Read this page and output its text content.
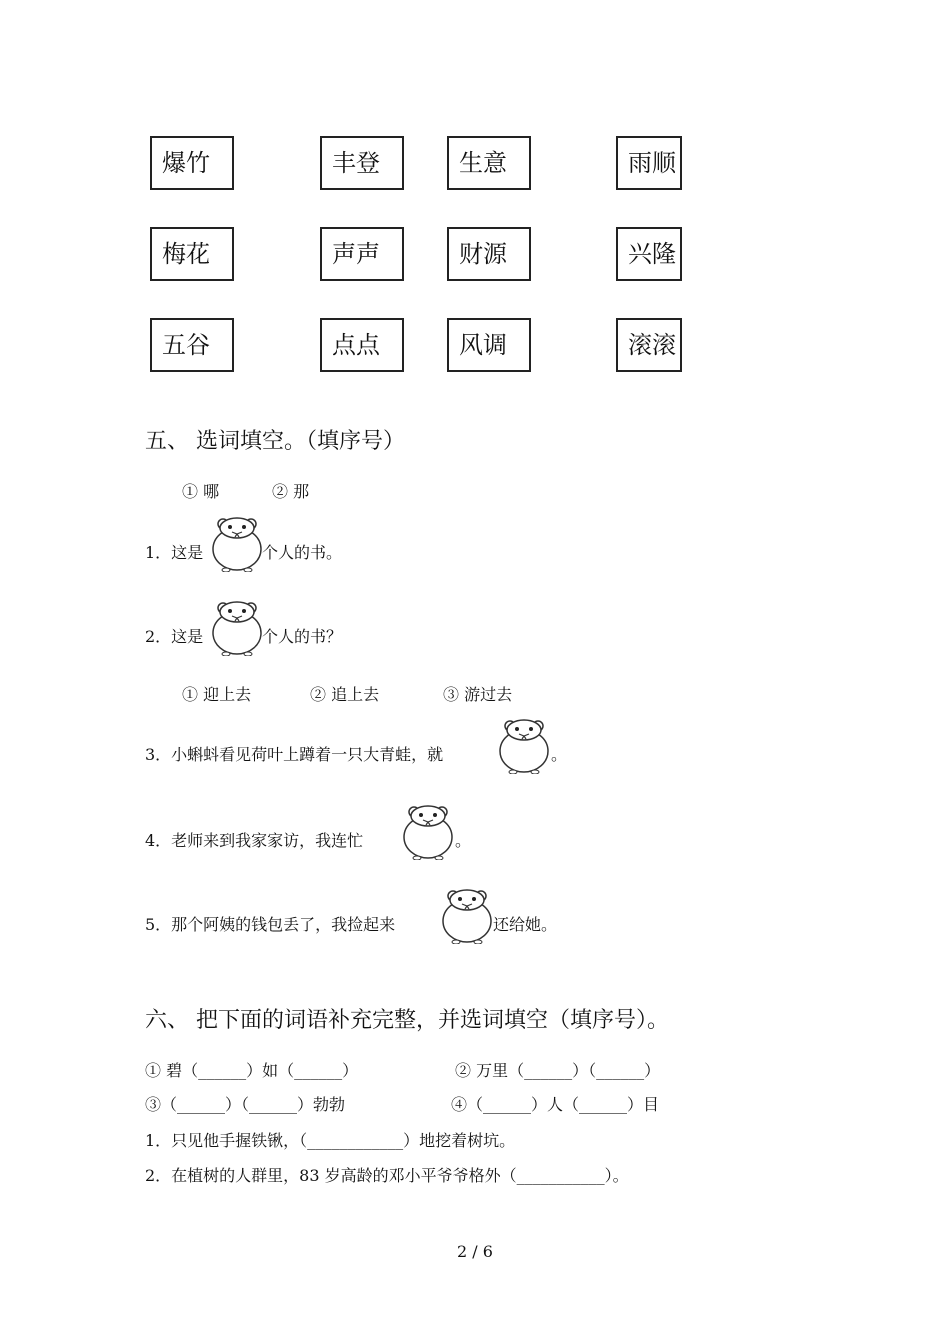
爆竹	丰登	生意	雨顺
梅花	声声	财源	兴隆
五谷	点点	风调	滚滚
五、 选词填空。（填序号）
① 哪	② 那
1．这是	个人的书。
2．这是	个人的书？
① 迎上去	② 追上去	③ 游过去
3．小蝌蚪看见荷叶上蹲着一只大青蛙，就	。
4．老师来到我家家访，我连忙	。
5．那个阿姨的钱包丢了，我捡起来	还给她。
六、 把下面的词语补充完整，并选词填空（填序号）。
① 碧（______）如（______）	② 万里（______）（______）
③（______）（______）勃勃	④（______）人（______）目
1．只见他手握铁锹，（____________）地挖着树坑。
2．在植树的人群里，83 岁高龄的邓小平爷爷格外（___________）。
2 / 6
